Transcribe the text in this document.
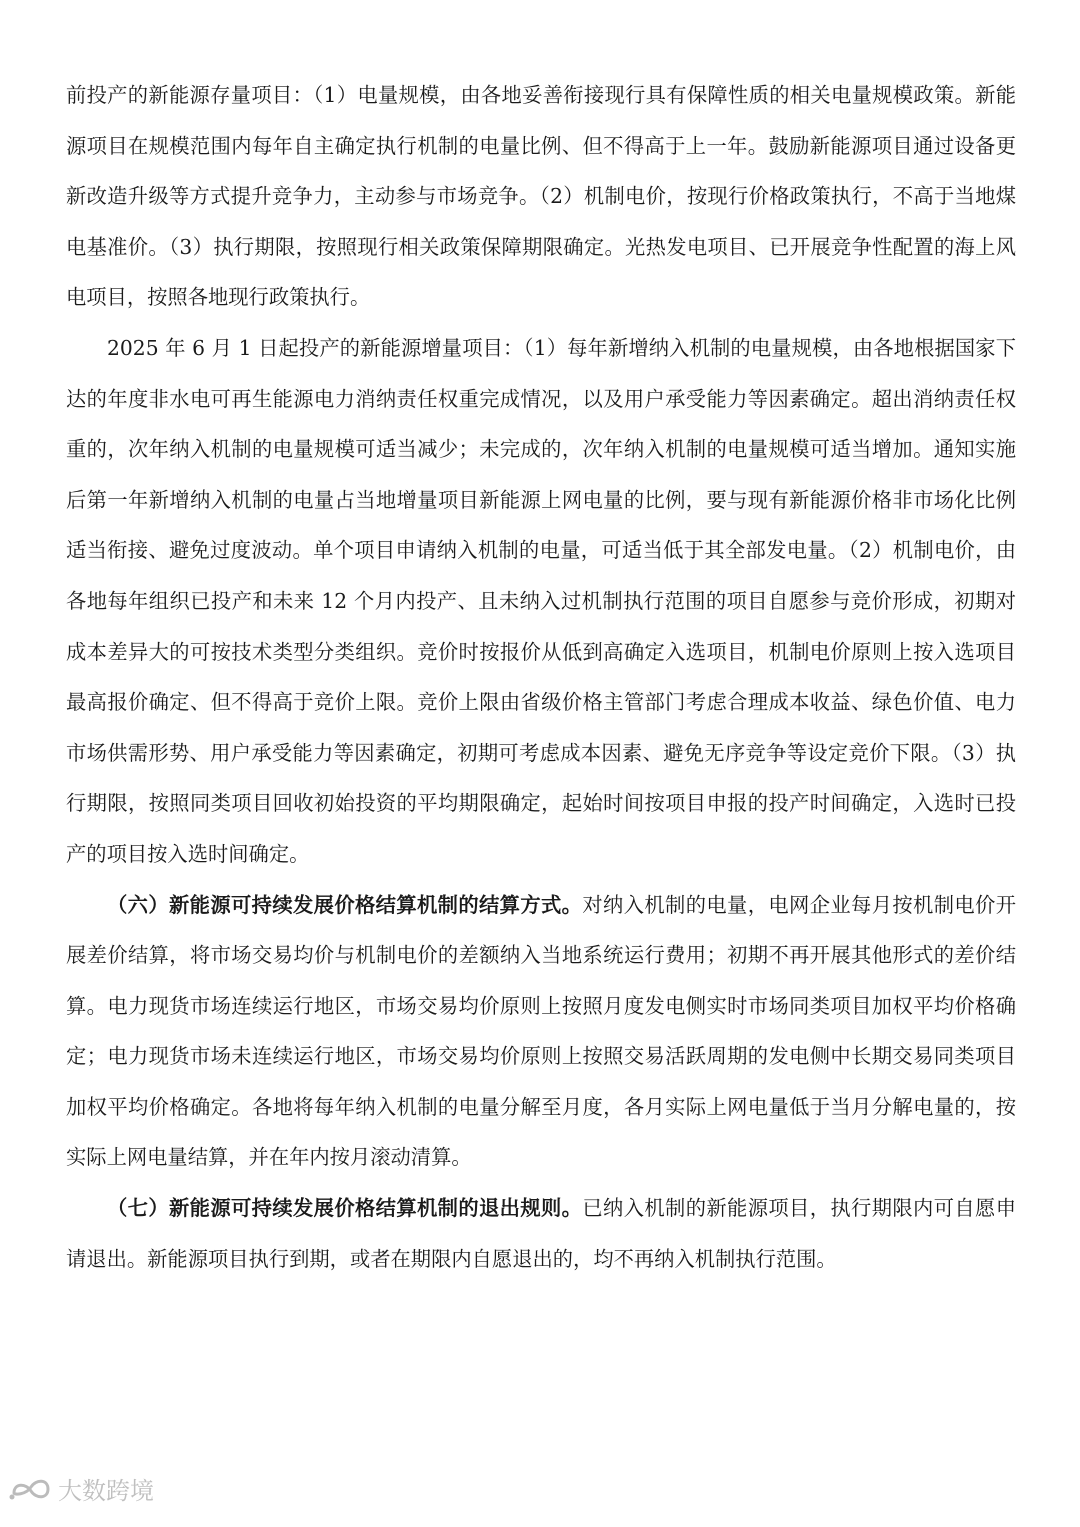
前投产的新能源存量项目：（1）电量规模，由各地妥善衔接现行具有保障性质的相关电量规模政策。新能源项目在规模范围内每年自主确定执行机制的电量比例、但不得高于上一年。鼓励新能源项目通过设备更新改造升级等方式提升竞争力，主动参与市场竞争。（2）机制电价，按现行价格政策执行，不高于当地煤电基准价。（3）执行期限，按照现行相关政策保障期限确定。光热发电项目、已开展竞争性配置的海上风电项目，按照各地现行政策执行。

2025 年 6 月 1 日起投产的新能源增量项目：（1）每年新增纳入机制的电量规模，由各地根据国家下达的年度非水电可再生能源电力消纳责任权重完成情况，以及用户承受能力等因素确定。超出消纳责任权重的，次年纳入机制的电量规模可适当减少；未完成的，次年纳入机制的电量规模可适当增加。通知实施后第一年新增纳入机制的电量占当地增量项目新能源上网电量的比例，要与现有新能源价格非市场化比例适当衔接、避免过度波动。单个项目申请纳入机制的电量，可适当低于其全部发电量。（2）机制电价，由各地每年组织已投产和未来 12 个月内投产、且未纳入过机制执行范围的项目自愿参与竞价形成，初期对成本差异大的可按技术类型分类组织。竞价时按报价从低到高确定入选项目，机制电价原则上按入选项目最高报价确定、但不得高于竞价上限。竞价上限由省级价格主管部门考虑合理成本收益、绿色价值、电力市场供需形势、用户承受能力等因素确定，初期可考虑成本因素、避免无序竞争等设定竞价下限。（3）执行期限，按照同类项目回收初始投资的平均期限确定，起始时间按项目申报的投产时间确定，入选时已投产的项目按入选时间确定。

（六）新能源可持续发展价格结算机制的结算方式。对纳入机制的电量，电网企业每月按机制电价开展差价结算，将市场交易均价与机制电价的差额纳入当地系统运行费用；初期不再开展其他形式的差价结算。电力现货市场连续运行地区，市场交易均价原则上按照月度发电侧实时市场同类项目加权平均价格确定；电力现货市场未连续运行地区，市场交易均价原则上按照交易活跃周期的发电侧中长期交易同类项目加权平均价格确定。各地将每年纳入机制的电量分解至月度，各月实际上网电量低于当月分解电量的，按实际上网电量结算，并在年内按月滚动清算。

（七）新能源可持续发展价格结算机制的退出规则。已纳入机制的新能源项目，执行期限内可自愿申请退出。新能源项目执行到期，或者在期限内自愿退出的，均不再纳入机制执行范围。

大数跨境
